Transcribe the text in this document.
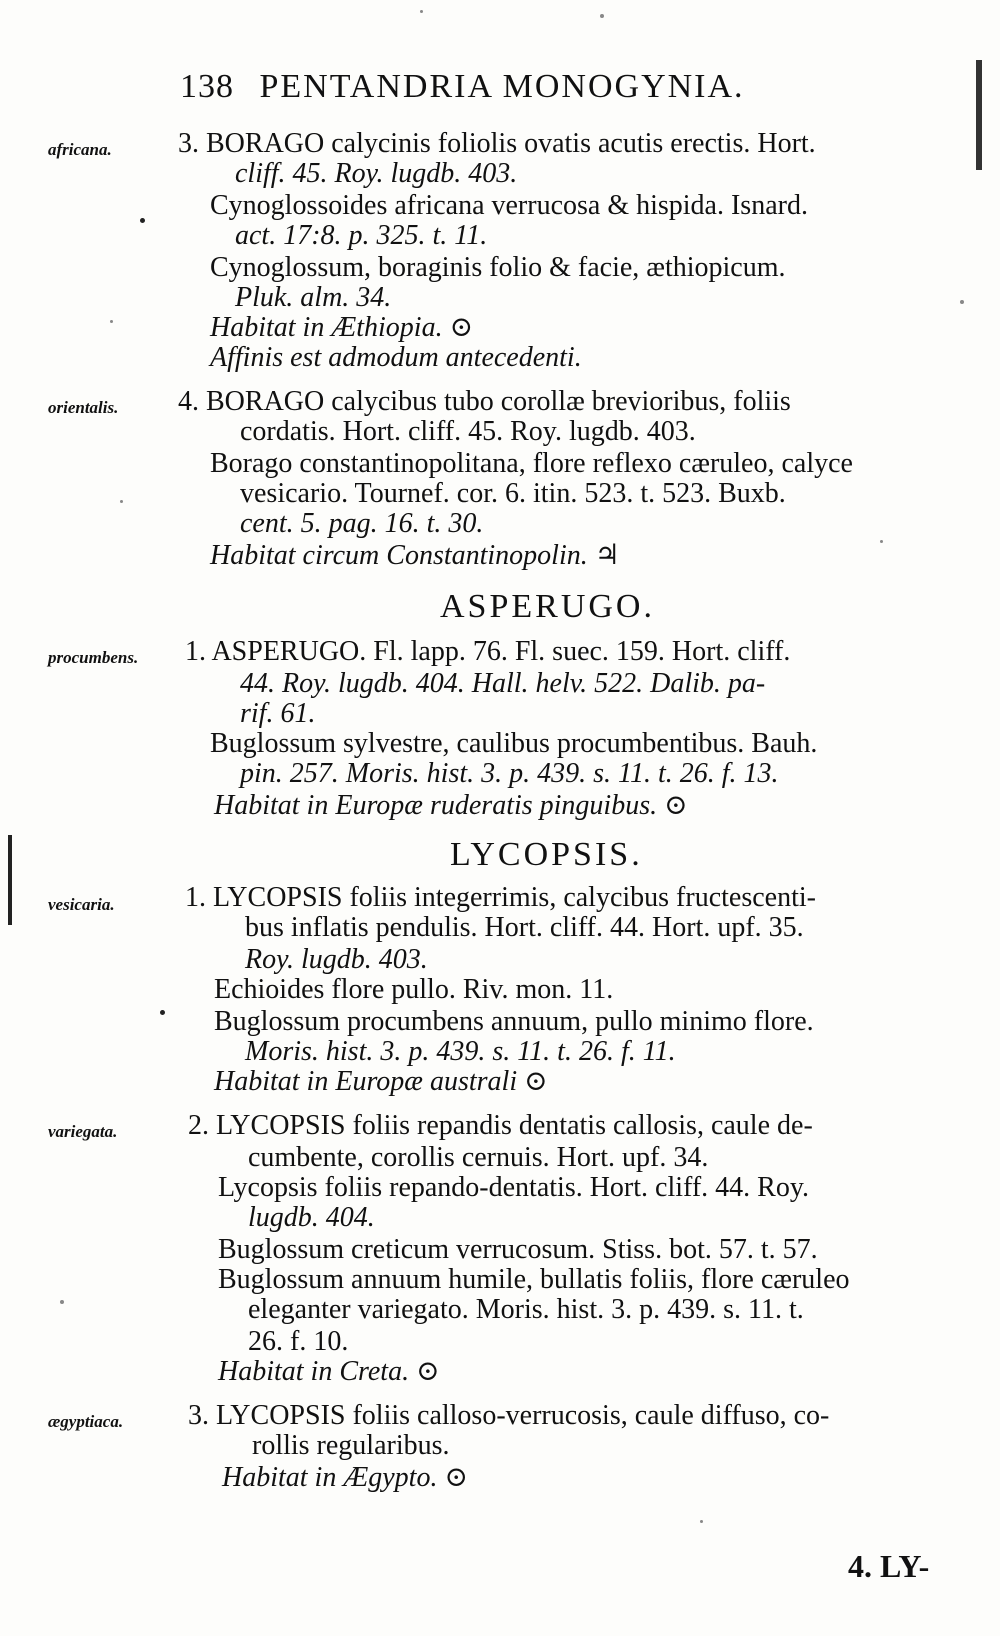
138 PENTANDRIA MONOGYNIA.
africana. 3. BORAGO calycinis foliolis ovatis acutis erectis. Hort.
cliff. 45. Roy. lugdb. 403.
Cynoglossoides africana verrucosa & hispida. Isnard.
act. 17:8. p. 325. t. 11.
Cynoglossum, boraginis folio & facie, æthiopicum.
Pluk. alm. 34.
Habitat in Æthiopia. ⊙
Affinis est admodum antecedenti.
orientalis. 4. BORAGO calycibus tubo corollæ brevioribus, foliis
cordatis. Hort. cliff. 45. Roy. lugdb. 403.
Borago constantinopolitana, flore reflexo cæruleo, calyce
vesicario. Tournef. cor. 6. itin. 523. t. 523. Buxb.
cent. 5. pag. 16. t. 30.
Habitat circum Constantinopolin. ♃
ASPERUGO.
procumbens. 1. ASPERUGO. Fl. lapp. 76. Fl. suec. 159. Hort. cliff.
44. Roy. lugdb. 404. Hall. helv. 522. Dalib. pa-
rif. 61.
Buglossum sylvestre, caulibus procumbentibus. Bauh.
pin. 257. Moris. hist. 3. p. 439. s. 11. t. 26. f. 13.
Habitat in Europæ ruderatis pinguibus. ⊙
LYCOPSIS.
vesicaria.	1. LYCOPSIS foliis integerrimis, calycibus fructescenti-
bus inflatis pendulis. Hort. cliff. 44. Hort. upf. 35.
Roy. lugdb. 403.
Echioides flore pullo. Riv. mon. 11.
Buglossum procumbens annuum, pullo minimo flore.
Moris. hist. 3. p. 439. s. 11. t. 26. f. 11.
Habitat in Europæ australi ⊙
variegata.	2. LYCOPSIS foliis repandis dentatis callosis, caule de-
cumbente, corollis cernuis. Hort. upf. 34.
Lycopsis foliis repando-dentatis. Hort. cliff. 44. Roy.
lugdb. 404.
Buglossum creticum verrucosum. Stiss. bot. 57. t. 57.
Buglossum annuum humile, bullatis foliis, flore cæruleo
eleganter variegato. Moris. hist. 3. p. 439. s. 11. t.
26. f. 10.
Habitat in Creta. ⊙
ægyptiaca. 3. LYCOPSIS foliis calloso-verrucosis, caule diffuso, co-
rollis regularibus.
Habitat in Ægypto. ⊙
4. LY-
